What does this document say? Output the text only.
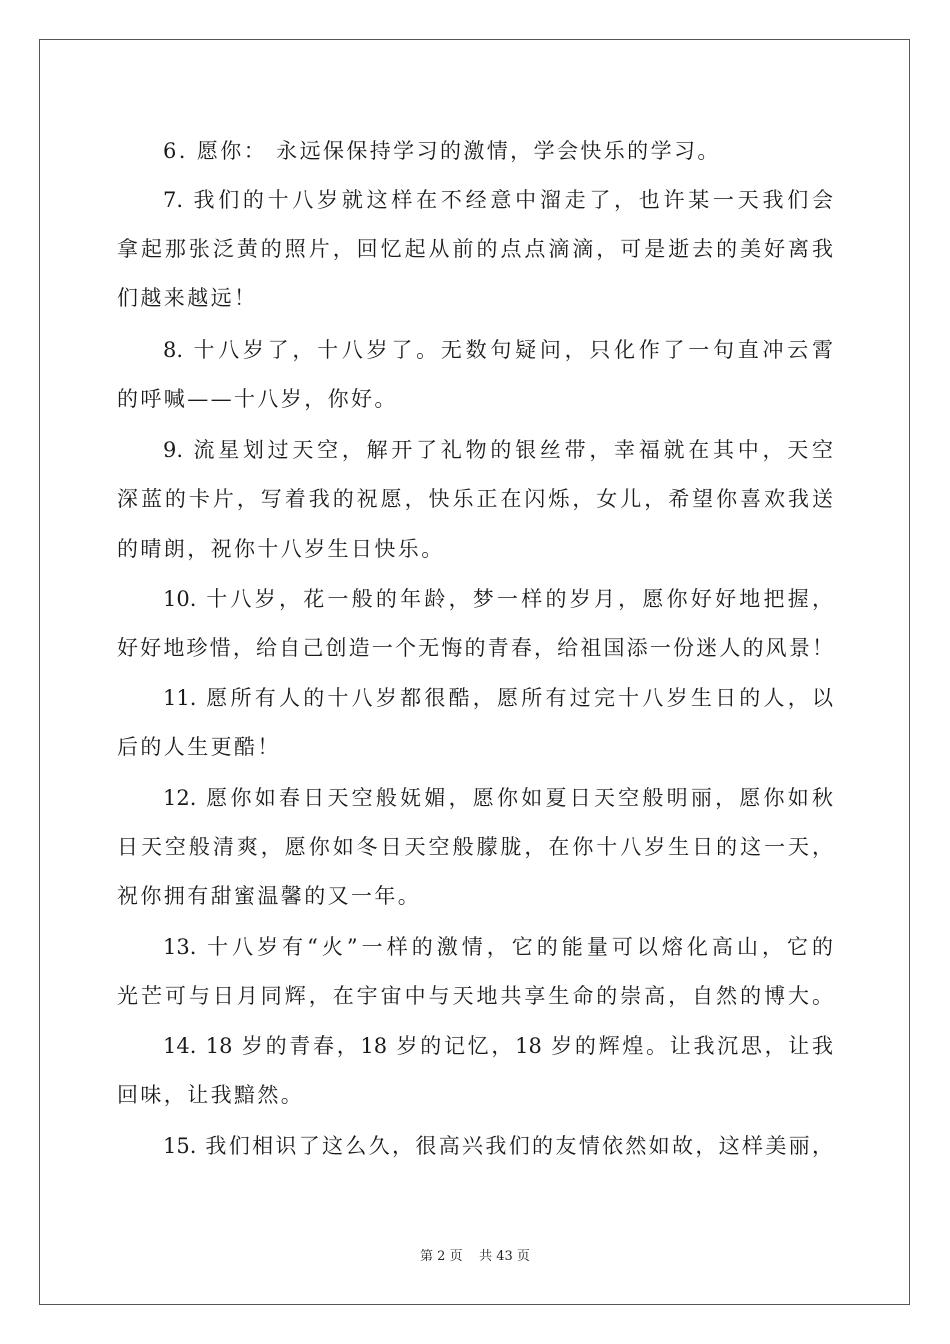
6. 愿你： 永远保保持学习的激情，学会快乐的学习。
7. 我们的十八岁就这样在不经意中溜走了，也许某一天我们会
拿起那张泛黄的照片，回忆起从前的点点滴滴，可是逝去的美好离我
们越来越远！
8. 十八岁了，十八岁了。无数句疑问，只化作了一句直冲云霄
的呼喊——十八岁，你好。
9. 流星划过天空，解开了礼物的银丝带，幸福就在其中，天空
深蓝的卡片，写着我的祝愿，快乐正在闪烁，女儿，希望你喜欢我送
的晴朗，祝你十八岁生日快乐。
10. 十八岁，花一般的年龄，梦一样的岁月，愿你好好地把握，
好好地珍惜，给自己创造一个无悔的青春，给祖国添一份迷人的风景！
11. 愿所有人的十八岁都很酷，愿所有过完十八岁生日的人，以
后的人生更酷！
12. 愿你如春日天空般妩媚，愿你如夏日天空般明丽，愿你如秋
日天空般清爽，愿你如冬日天空般朦胧，在你十八岁生日的这一天，
祝你拥有甜蜜温馨的又一年。
13. 十八岁有“火”一样的激情，它的能量可以熔化高山，它的
光芒可与日月同辉，在宇宙中与天地共享生命的崇高，自然的博大。
14. 18 岁的青春，18 岁的记忆，18 岁的辉煌。让我沉思，让我
回味，让我黯然。
15. 我们相识了这么久，很高兴我们的友情依然如故，这样美丽，
第 2 页 共 43 页
